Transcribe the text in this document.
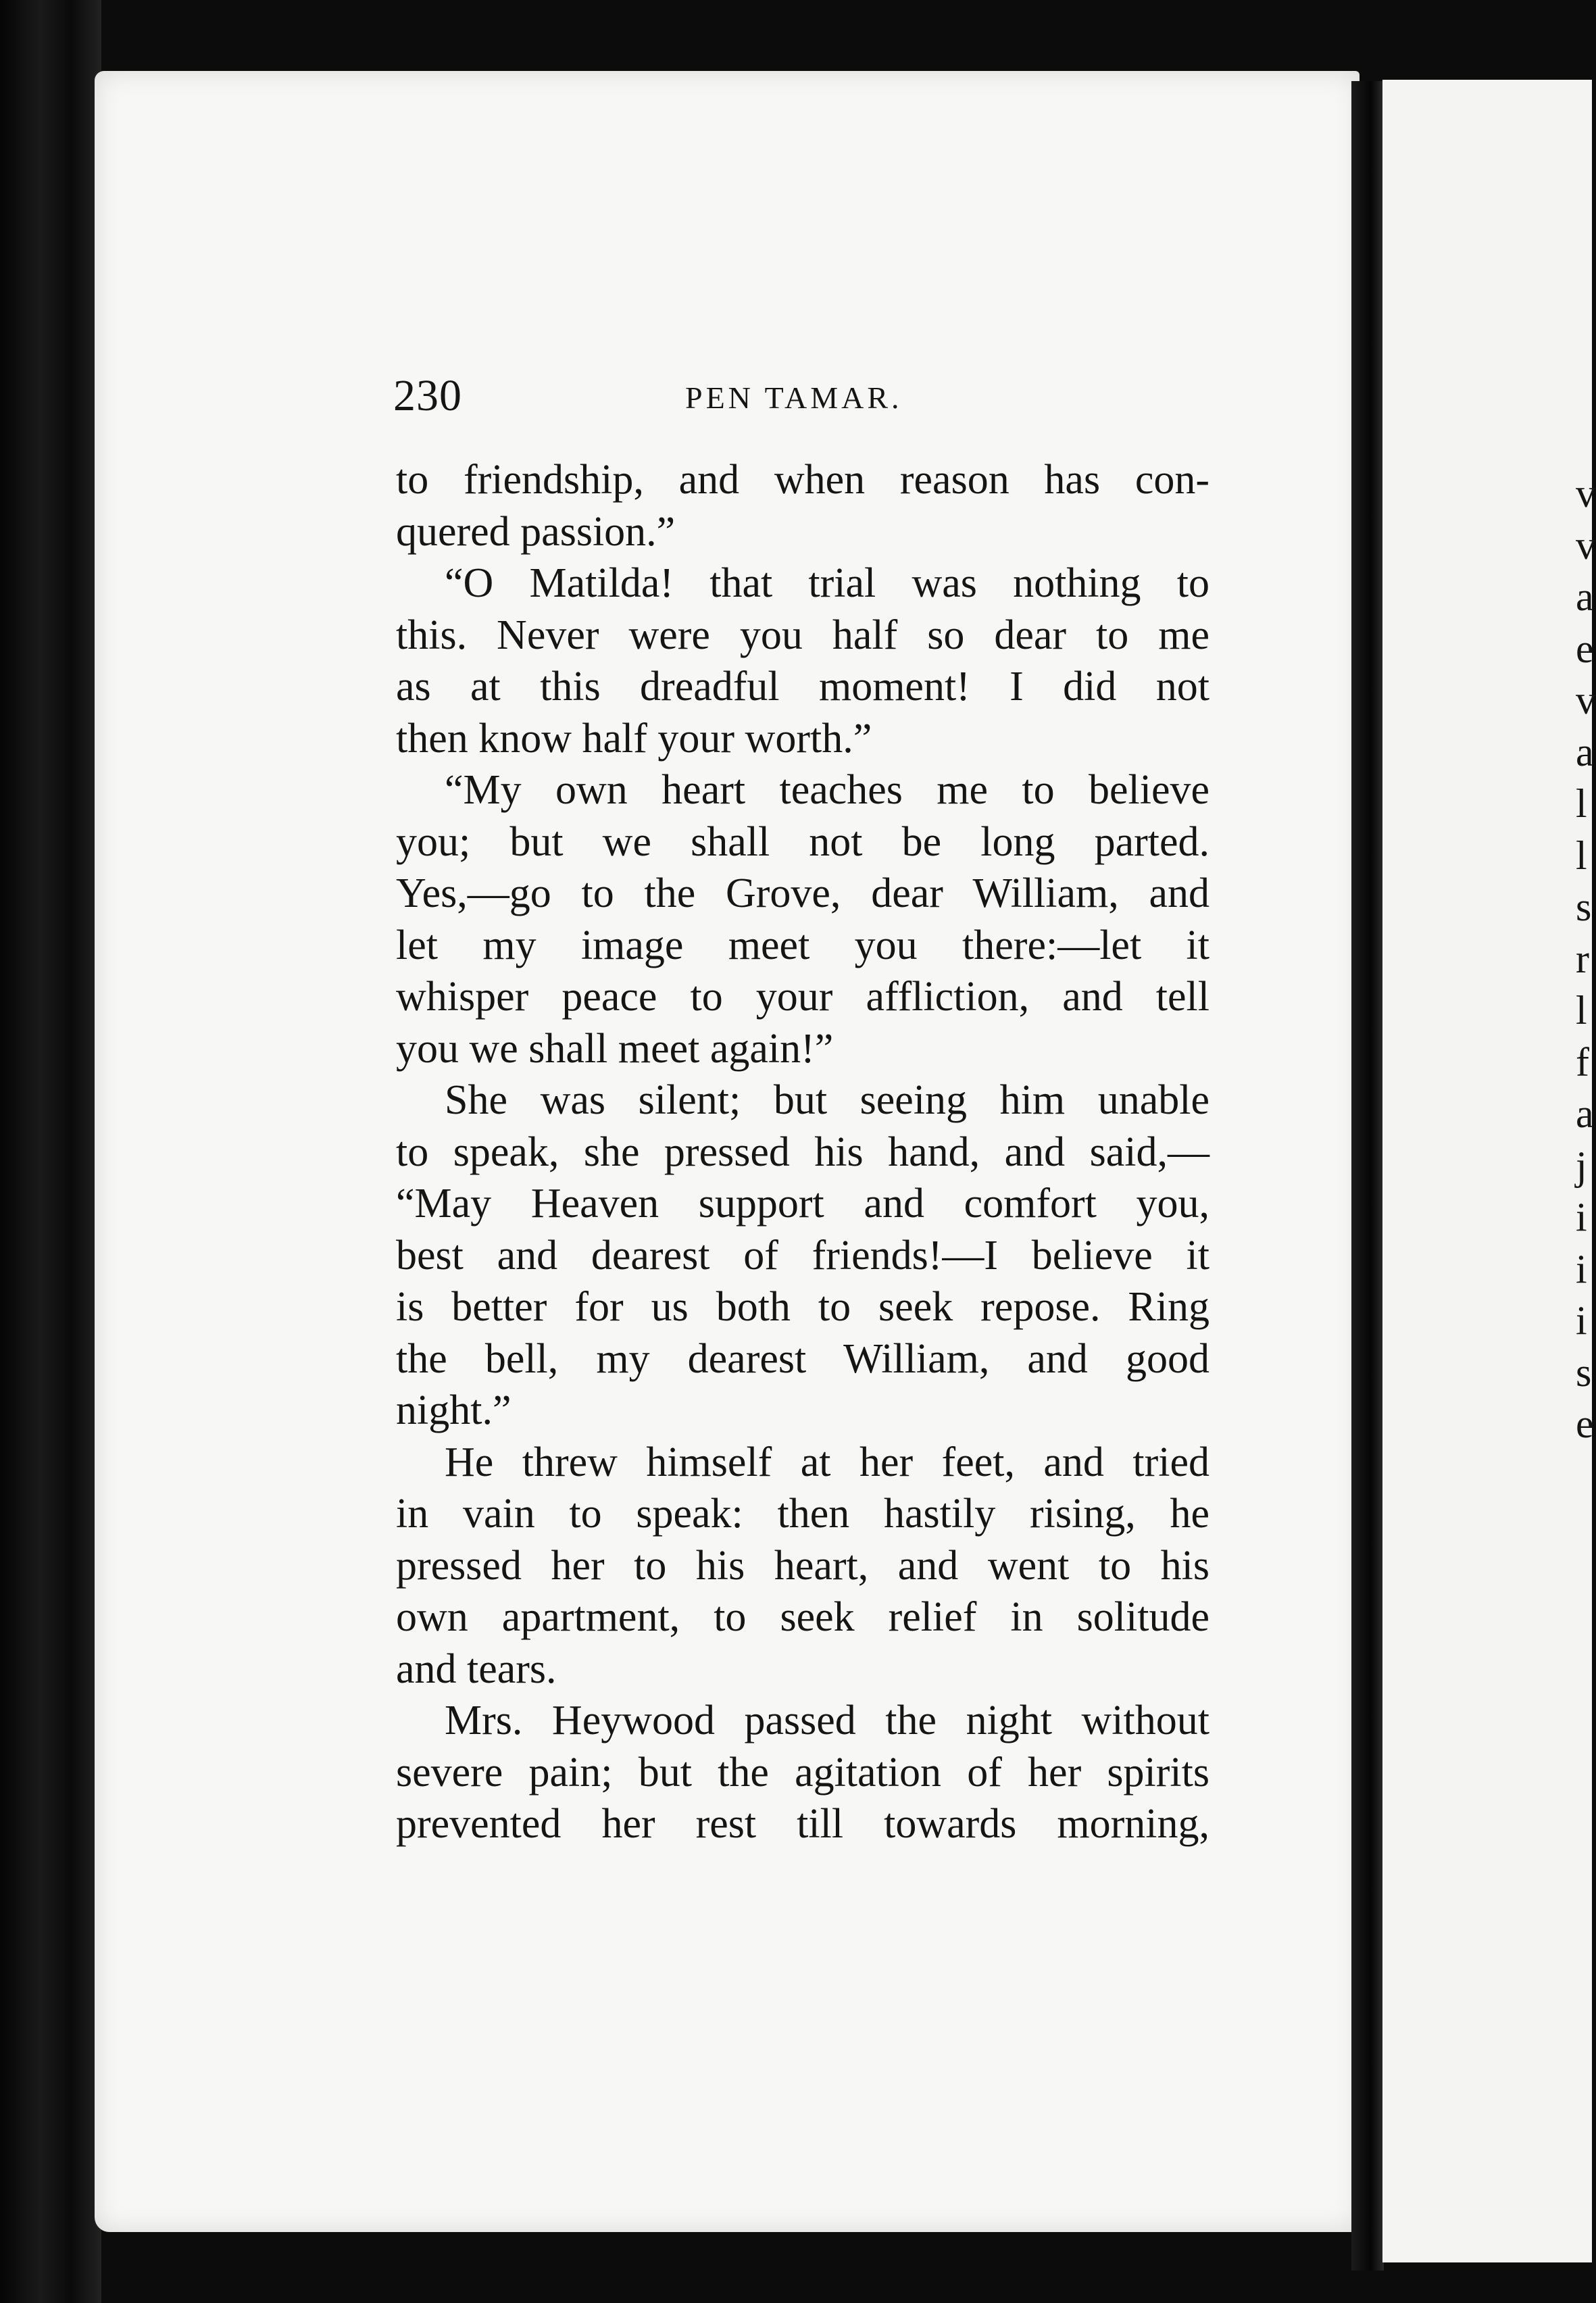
v
v
a
e
v
a
l
l
s
r
l
f
a
j
i
i
i
s
e
230	PEN TAMAR.
to friendship, and when reason has con-
quered passion.”
“O Matilda! that trial was nothing to
this. Never were you half so dear to me
as at this dreadful moment! I did not
then know half your worth.”
“My own heart teaches me to believe
you; but we shall not be long parted.
Yes,—go to the Grove, dear William, and
let my image meet you there:—let it
whisper peace to your affliction, and tell
you we shall meet again!”
She was silent; but seeing him unable
to speak, she pressed his hand, and said,—
“May Heaven support and comfort you,
best and dearest of friends!—I believe it
is better for us both to seek repose. Ring
the bell, my dearest William, and good
night.”
He threw himself at her feet, and tried
in vain to speak: then hastily rising, he
pressed her to his heart, and went to his
own apartment, to seek relief in solitude
and tears.
Mrs. Heywood passed the night without
severe pain; but the agitation of her spirits
prevented her rest till towards morning,
